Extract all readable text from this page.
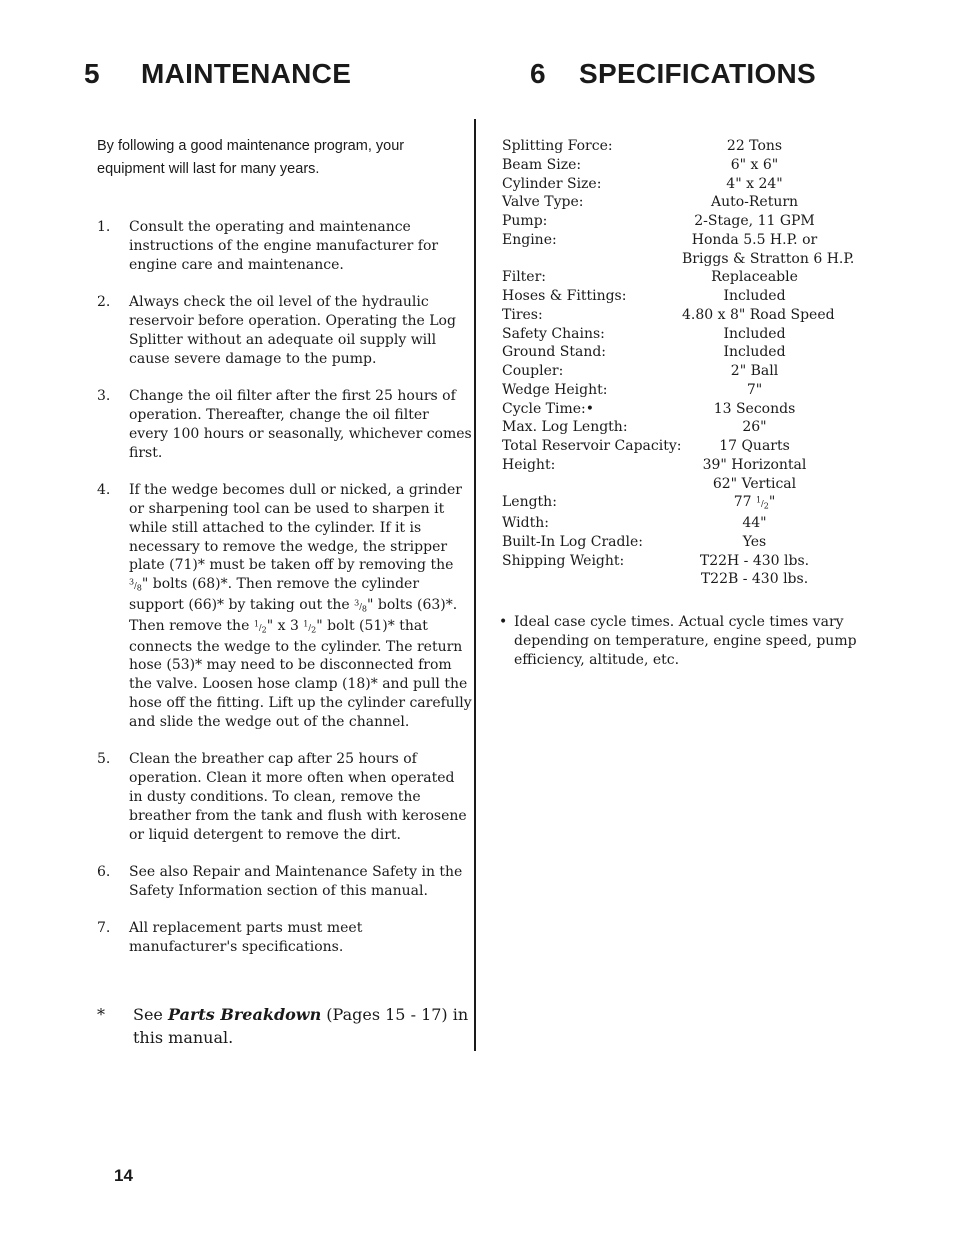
5 MAINTENANCE	6 SPECIFICATIONS
By following a good maintenance program, your equipment will last for many years.
1. Consult the operating and maintenance instructions of the engine manufacturer for engine care and maintenance.
2. Always check the oil level of the hydraulic reservoir before operation. Operating the Log Splitter without an adequate oil supply will cause severe damage to the pump.
3. Change the oil filter after the first 25 hours of operation. Thereafter, change the oil filter every 100 hours or seasonally, whichever comes first.
4. If the wedge becomes dull or nicked, a grinder or sharpening tool can be used to sharpen it while still attached to the cylinder. If it is necessary to remove the wedge, the stripper plate (71)* must be taken off by removing the $^3/_8$" bolts (68)*. Then remove the cylinder support (66)* by taking out the $^3/_8$" bolts (63)*. Then remove the $^1/_2$" x 3 $^1/_2$" bolt (51)* that connects the wedge to the cylinder. The return hose (53)* may need to be disconnected from the valve. Loosen hose clamp (18)* and pull the hose off the fitting. Lift up the cylinder carefully and slide the wedge out of the channel.
5. Clean the breather cap after 25 hours of operation. Clean it more often when operated in dusty conditions. To clean, remove the breather from the tank and flush with kerosene or liquid detergent to remove the dirt.
6. See also Repair and Maintenance Safety in the Safety Information section of this manual.
7. All replacement parts must meet manufacturer's specifications.
*	See Parts Breakdown (Pages 15 - 17) in this manual.
Splitting Force:	22 Tons
Beam Size:	6" x 6"
Cylinder Size:	4" x 24"
Valve Type:	Auto-Return
Pump:	2-Stage, 11 GPM
Engine:	Honda 5.5 H.P. or
Briggs & Stratton 6 H.P.
Filter:	Replaceable
Hoses & Fittings:	Included
Tires:	4.80 x 8" Road Speed
Safety Chains:	Included
Ground Stand:	Included
Coupler:	2" Ball
Wedge Height:	7"
Cycle Time:•	13 Seconds
Max. Log Length:	26"
Total Reservoir Capacity:	17 Quarts
Height:	39" Horizontal
62" Vertical
Length:	77 $^1/_2$"
Width:	44"
Built-In Log Cradle:	Yes
Shipping Weight:	T22H - 430 lbs.
T22B - 430 lbs.
• Ideal case cycle times. Actual cycle times vary depending on temperature, engine speed, pump efficiency, altitude, etc.
14
